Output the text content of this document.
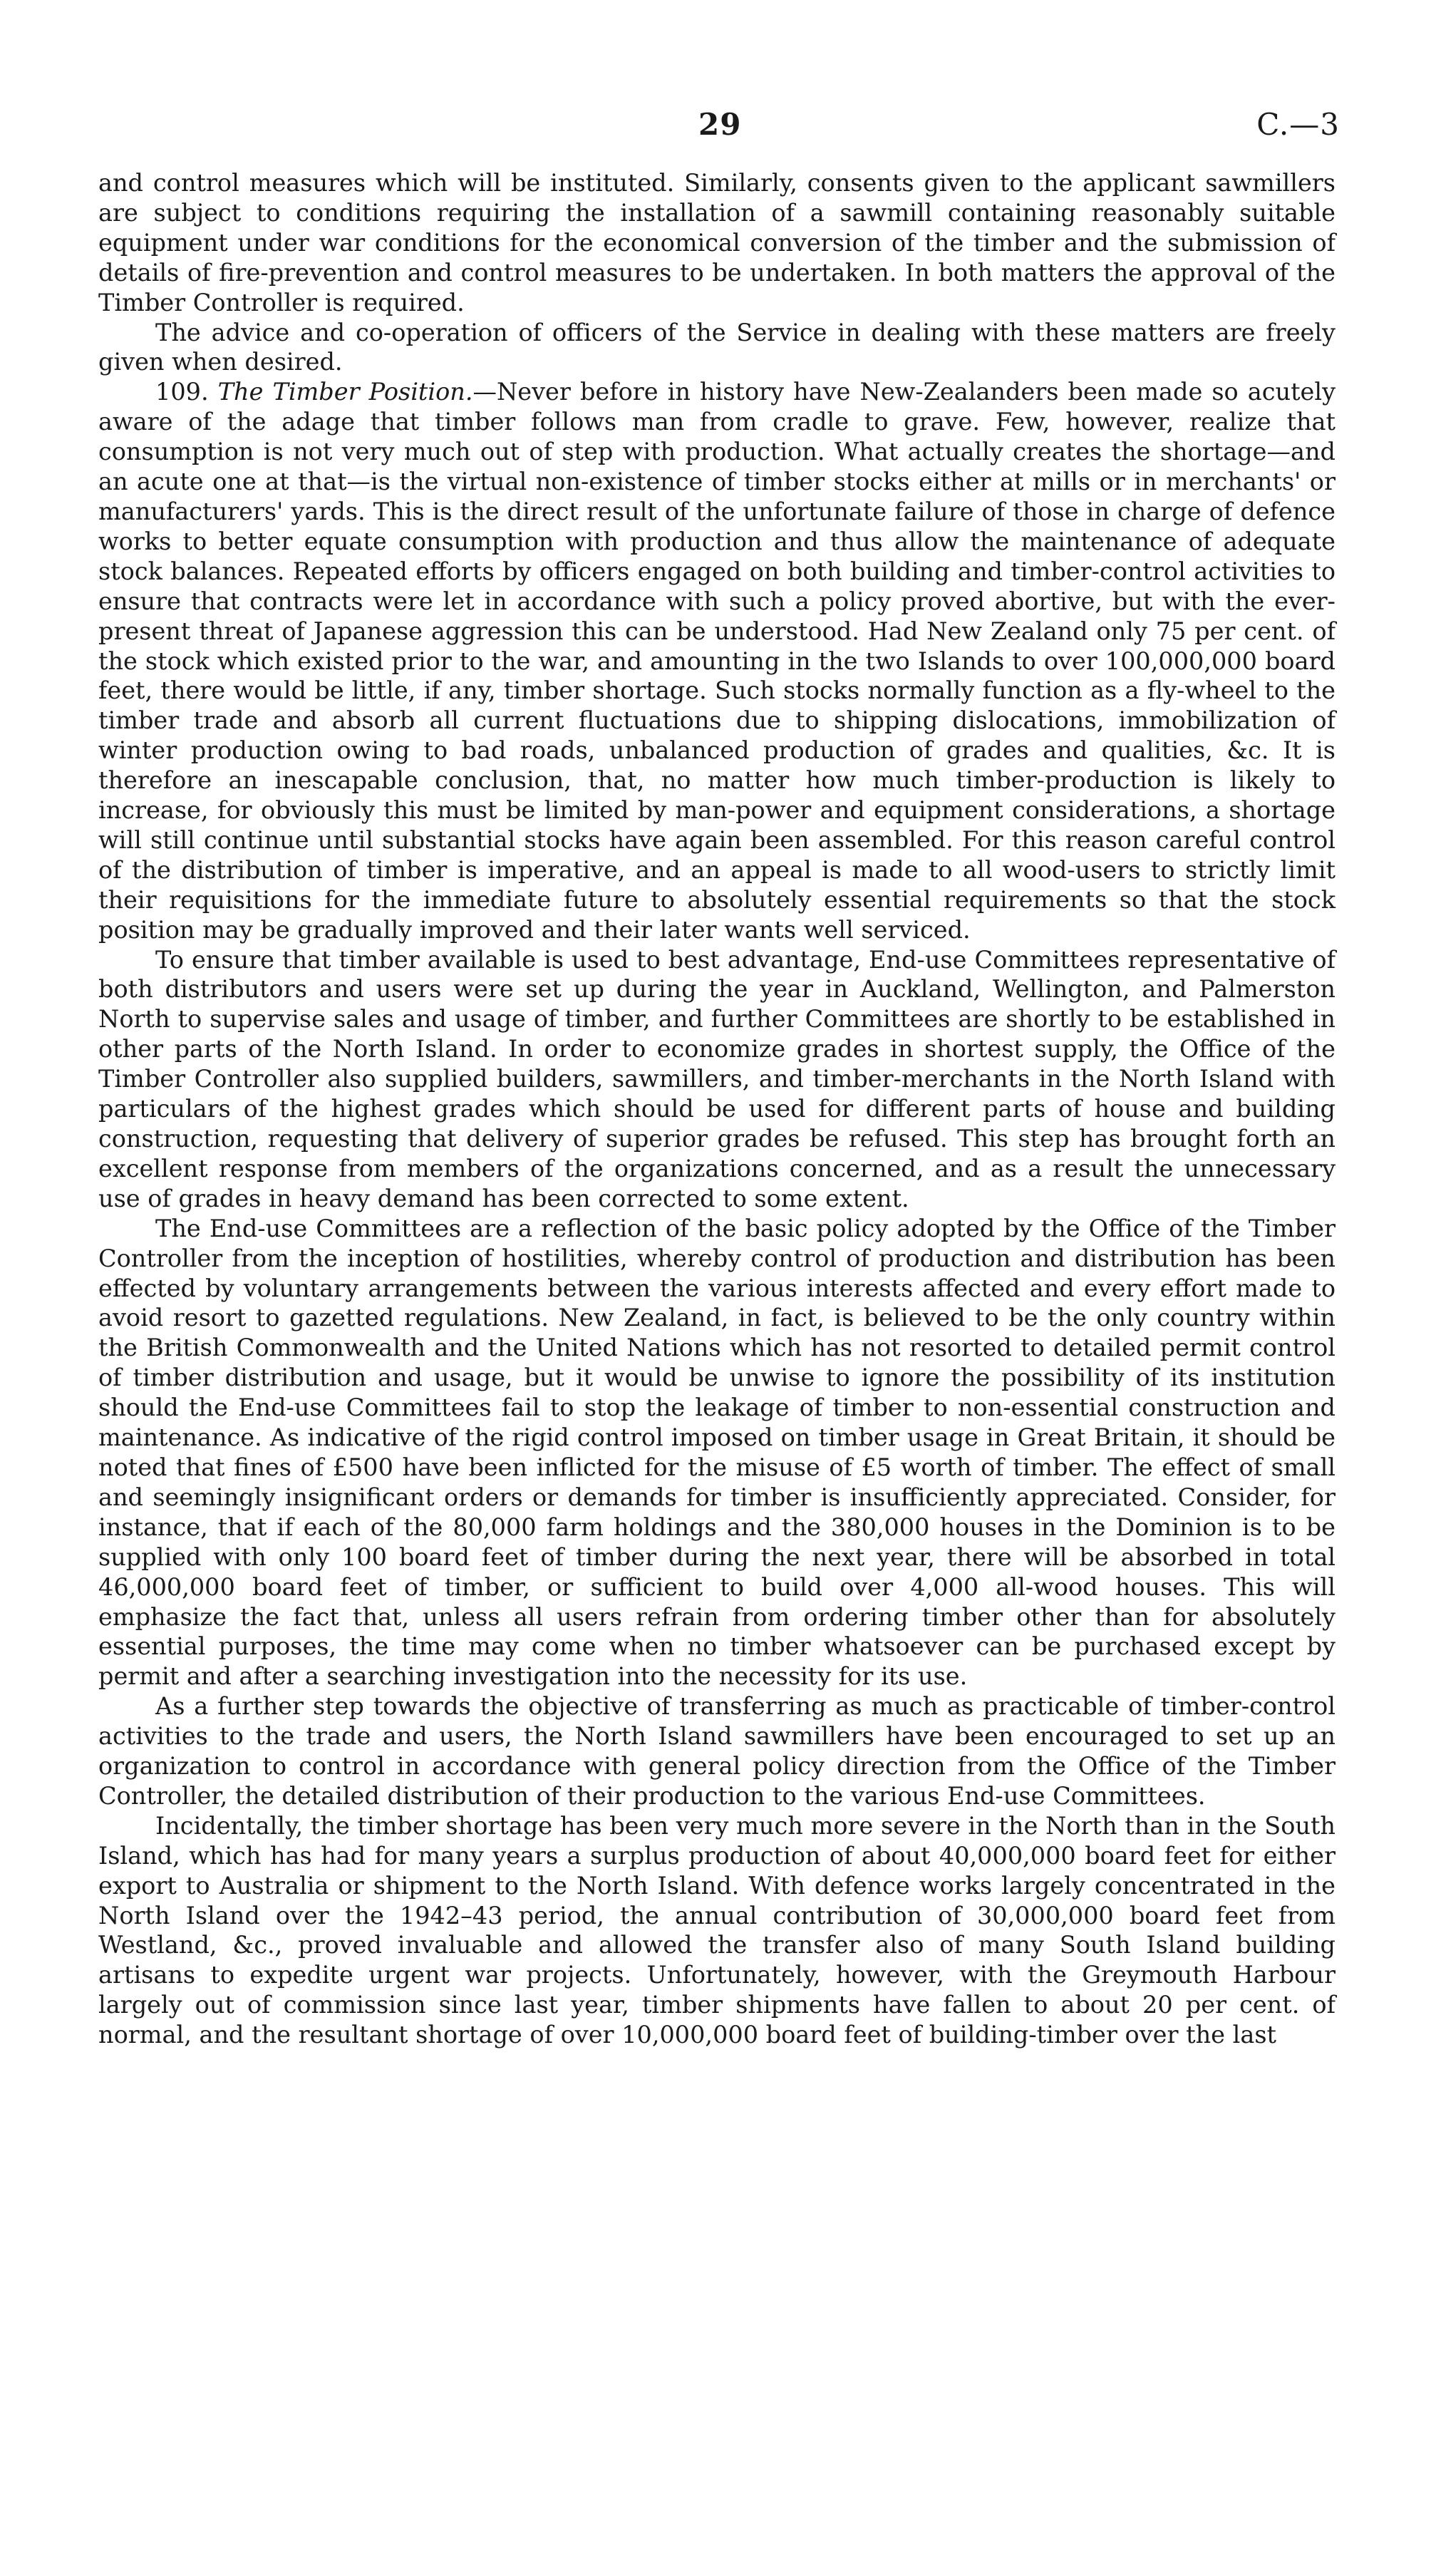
29	C.—3

and control measures which will be instituted. Similarly, consents given to the applicant sawmillers are subject to conditions requiring the installation of a sawmill containing reasonably suitable equipment under war conditions for the economical conversion of the timber and the submission of details of fire-prevention and control measures to be undertaken. In both matters the approval of the Timber Controller is required.

The advice and co-operation of officers of the Service in dealing with these matters are freely given when desired.

109. The Timber Position.—Never before in history have New-Zealanders been made so acutely aware of the adage that timber follows man from cradle to grave. Few, however, realize that consumption is not very much out of step with production. What actually creates the shortage—and an acute one at that—is the virtual non-existence of timber stocks either at mills or in merchants' or manufacturers' yards. This is the direct result of the unfortunate failure of those in charge of defence works to better equate consumption with production and thus allow the maintenance of adequate stock balances. Repeated efforts by officers engaged on both building and timber-control activities to ensure that contracts were let in accordance with such a policy proved abortive, but with the ever-present threat of Japanese aggression this can be understood. Had New Zealand only 75 per cent. of the stock which existed prior to the war, and amounting in the two Islands to over 100,000,000 board feet, there would be little, if any, timber shortage. Such stocks normally function as a fly-wheel to the timber trade and absorb all current fluctuations due to shipping dislocations, immobilization of winter production owing to bad roads, unbalanced production of grades and qualities, &c. It is therefore an inescapable conclusion, that, no matter how much timber-production is likely to increase, for obviously this must be limited by man-power and equipment considerations, a shortage will still continue until substantial stocks have again been assembled. For this reason careful control of the distribution of timber is imperative, and an appeal is made to all wood-users to strictly limit their requisitions for the immediate future to absolutely essential requirements so that the stock position may be gradually improved and their later wants well serviced.

To ensure that timber available is used to best advantage, End-use Committees representative of both distributors and users were set up during the year in Auckland, Wellington, and Palmerston North to supervise sales and usage of timber, and further Committees are shortly to be established in other parts of the North Island. In order to economize grades in shortest supply, the Office of the Timber Controller also supplied builders, sawmillers, and timber-merchants in the North Island with particulars of the highest grades which should be used for different parts of house and building construction, requesting that delivery of superior grades be refused. This step has brought forth an excellent response from members of the organizations concerned, and as a result the unnecessary use of grades in heavy demand has been corrected to some extent.

The End-use Committees are a reflection of the basic policy adopted by the Office of the Timber Controller from the inception of hostilities, whereby control of production and distribution has been effected by voluntary arrangements between the various interests affected and every effort made to avoid resort to gazetted regulations. New Zealand, in fact, is believed to be the only country within the British Commonwealth and the United Nations which has not resorted to detailed permit control of timber distribution and usage, but it would be unwise to ignore the possibility of its institution should the End-use Committees fail to stop the leakage of timber to non-essential construction and maintenance. As indicative of the rigid control imposed on timber usage in Great Britain, it should be noted that fines of £500 have been inflicted for the misuse of £5 worth of timber. The effect of small and seemingly insignificant orders or demands for timber is insufficiently appreciated. Consider, for instance, that if each of the 80,000 farm holdings and the 380,000 houses in the Dominion is to be supplied with only 100 board feet of timber during the next year, there will be absorbed in total 46,000,000 board feet of timber, or sufficient to build over 4,000 all-wood houses. This will emphasize the fact that, unless all users refrain from ordering timber other than for absolutely essential purposes, the time may come when no timber whatsoever can be purchased except by permit and after a searching investigation into the necessity for its use.

As a further step towards the objective of transferring as much as practicable of timber-control activities to the trade and users, the North Island sawmillers have been encouraged to set up an organization to control in accordance with general policy direction from the Office of the Timber Controller, the detailed distribution of their production to the various End-use Committees.

Incidentally, the timber shortage has been very much more severe in the North than in the South Island, which has had for many years a surplus production of about 40,000,000 board feet for either export to Australia or shipment to the North Island. With defence works largely concentrated in the North Island over the 1942–43 period, the annual contribution of 30,000,000 board feet from Westland, &c., proved invaluable and allowed the transfer also of many South Island building artisans to expedite urgent war projects. Unfortunately, however, with the Greymouth Harbour largely out of commission since last year, timber shipments have fallen to about 20 per cent. of normal, and the resultant shortage of over 10,000,000 board feet of building-timber over the last
